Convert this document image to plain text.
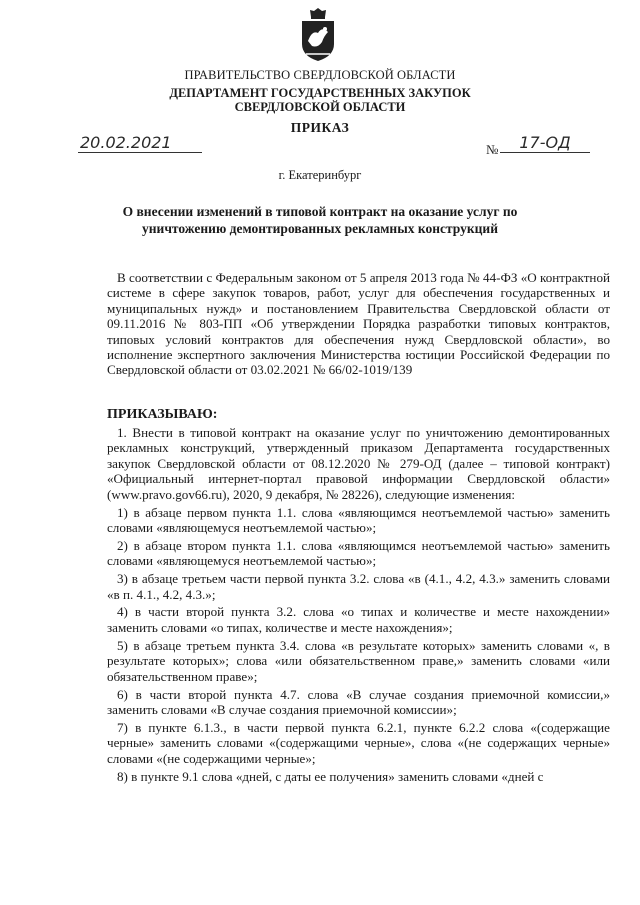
ПРАВИТЕЛЬСТВО СВЕРДЛОВСКОЙ ОБЛАСТИ
ДЕПАРТАМЕНТ ГОСУДАРСТВЕННЫХ ЗАКУПОК
СВЕРДЛОВСКОЙ ОБЛАСТИ
ПРИКАЗ
20.02.2021	№	17-ОД
г. Екатеринбург
О внесении изменений в типовой контракт на оказание услуг по уничтожению демонтированных рекламных конструкций
В соответствии с Федеральным законом от 5 апреля 2013 года № 44-ФЗ «О контрактной системе в сфере закупок товаров, работ, услуг для обеспечения государственных и муниципальных нужд» и постановлением Правительства Свердловской области от 09.11.2016 № 803-ПП «Об утверждении Порядка разработки типовых контрактов, типовых условий контрактов для обеспечения нужд Свердловской области», во исполнение экспертного заключения Министерства юстиции Российской Федерации по Свердловской области от 03.02.2021 № 66/02-1019/139
ПРИКАЗЫВАЮ:

1. Внести в типовой контракт на оказание услуг по уничтожению демонтированных рекламных конструкций, утвержденный приказом Департамента государственных закупок Свердловской области от 08.12.2020 № 279-ОД (далее – типовой контракт) «Официальный интернет-портал правовой информации Свердловской области» (www.pravo.gov66.ru), 2020, 9 декабря, № 28226), следующие изменения:

1) в абзаце первом пункта 1.1. слова «являющимся неотъемлемой частью» заменить словами «являющемуся неотъемлемой частью»;

2) в абзаце втором пункта 1.1. слова «являющимся неотъемлемой частью» заменить словами «являющемуся неотъемлемой частью»;

3) в абзаце третьем части первой пункта 3.2. слова «в (4.1., 4.2, 4.3.» заменить словами «в п. 4.1., 4.2, 4.3.»;

4) в части второй пункта 3.2. слова «о типах и количестве и месте нахождении» заменить словами «о типах, количестве и месте нахождения»;

5) в абзаце третьем пункта 3.4. слова «в результате которых» заменить словами «, в результате которых»; слова «или обязательственном праве,» заменить словами «или обязательственном праве»;

6) в части второй пункта 4.7. слова «В случае создания приемочной комиссии,» заменить словами «В случае создания приемочной комиссии»;

7) в пункте 6.1.3., в части первой пункта 6.2.1, пункте 6.2.2 слова «(содержащие черные» заменить словами «(содержащими черные», слова «(не содержащих черные» словами «(не содержащими черные»;

8) в пункте 9.1 слова «дней, с даты ее получения» заменить словами «дней с
